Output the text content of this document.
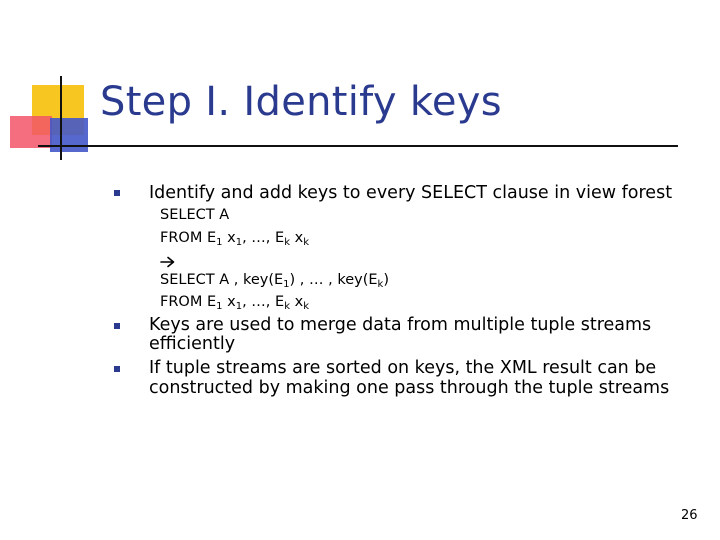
Step I. Identify keys

Identify and add keys to every SELECT clause in view forest

SELECT A

FROM $E_1$ $x_1$, …, $E_k$ $x_k$

SELECT A , $key(E_1)$ , … , $key(E_k)$

FROM $E_1$ $x_1$, …, $E_k$ $x_k$

Keys are used to merge data from multiple tuple streams

efficiently

If tuple streams are sorted on keys, the XML result can be

constructed by making one pass through the tuple streams

26
